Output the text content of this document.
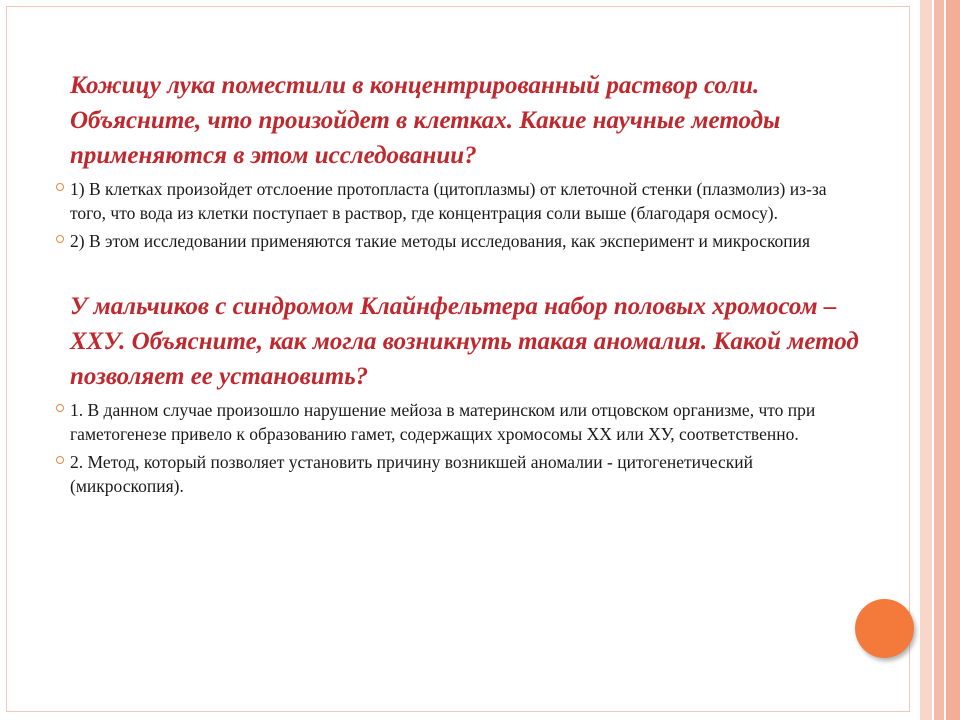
Кожицу лука поместили в концентрированный раствор соли. Объясните, что произойдет в клетках. Какие научные методы применяются в этом исследовании?

1) В клетках произойдет отслоение протопласта (цитоплазмы) от клеточной стенки (плазмолиз) из-за того, что вода из клетки поступает в раствор, где концентрация соли выше (благодаря осмосу).

2) В этом исследовании применяются такие методы исследования, как эксперимент и микроскопия

У мальчиков с синдромом Клайнфельтера набор половых хромосом – ХХУ. Объясните, как могла возникнуть такая аномалия. Какой метод позволяет ее установить?

1. В данном случае произошло нарушение мейоза в материнском или отцовском организме, что при гаметогенезе привело к образованию гамет, содержащих хромосомы ХХ или ХУ, соответственно.

2. Метод, который позволяет установить причину возникшей аномалии - цитогенетический (микроскопия).
